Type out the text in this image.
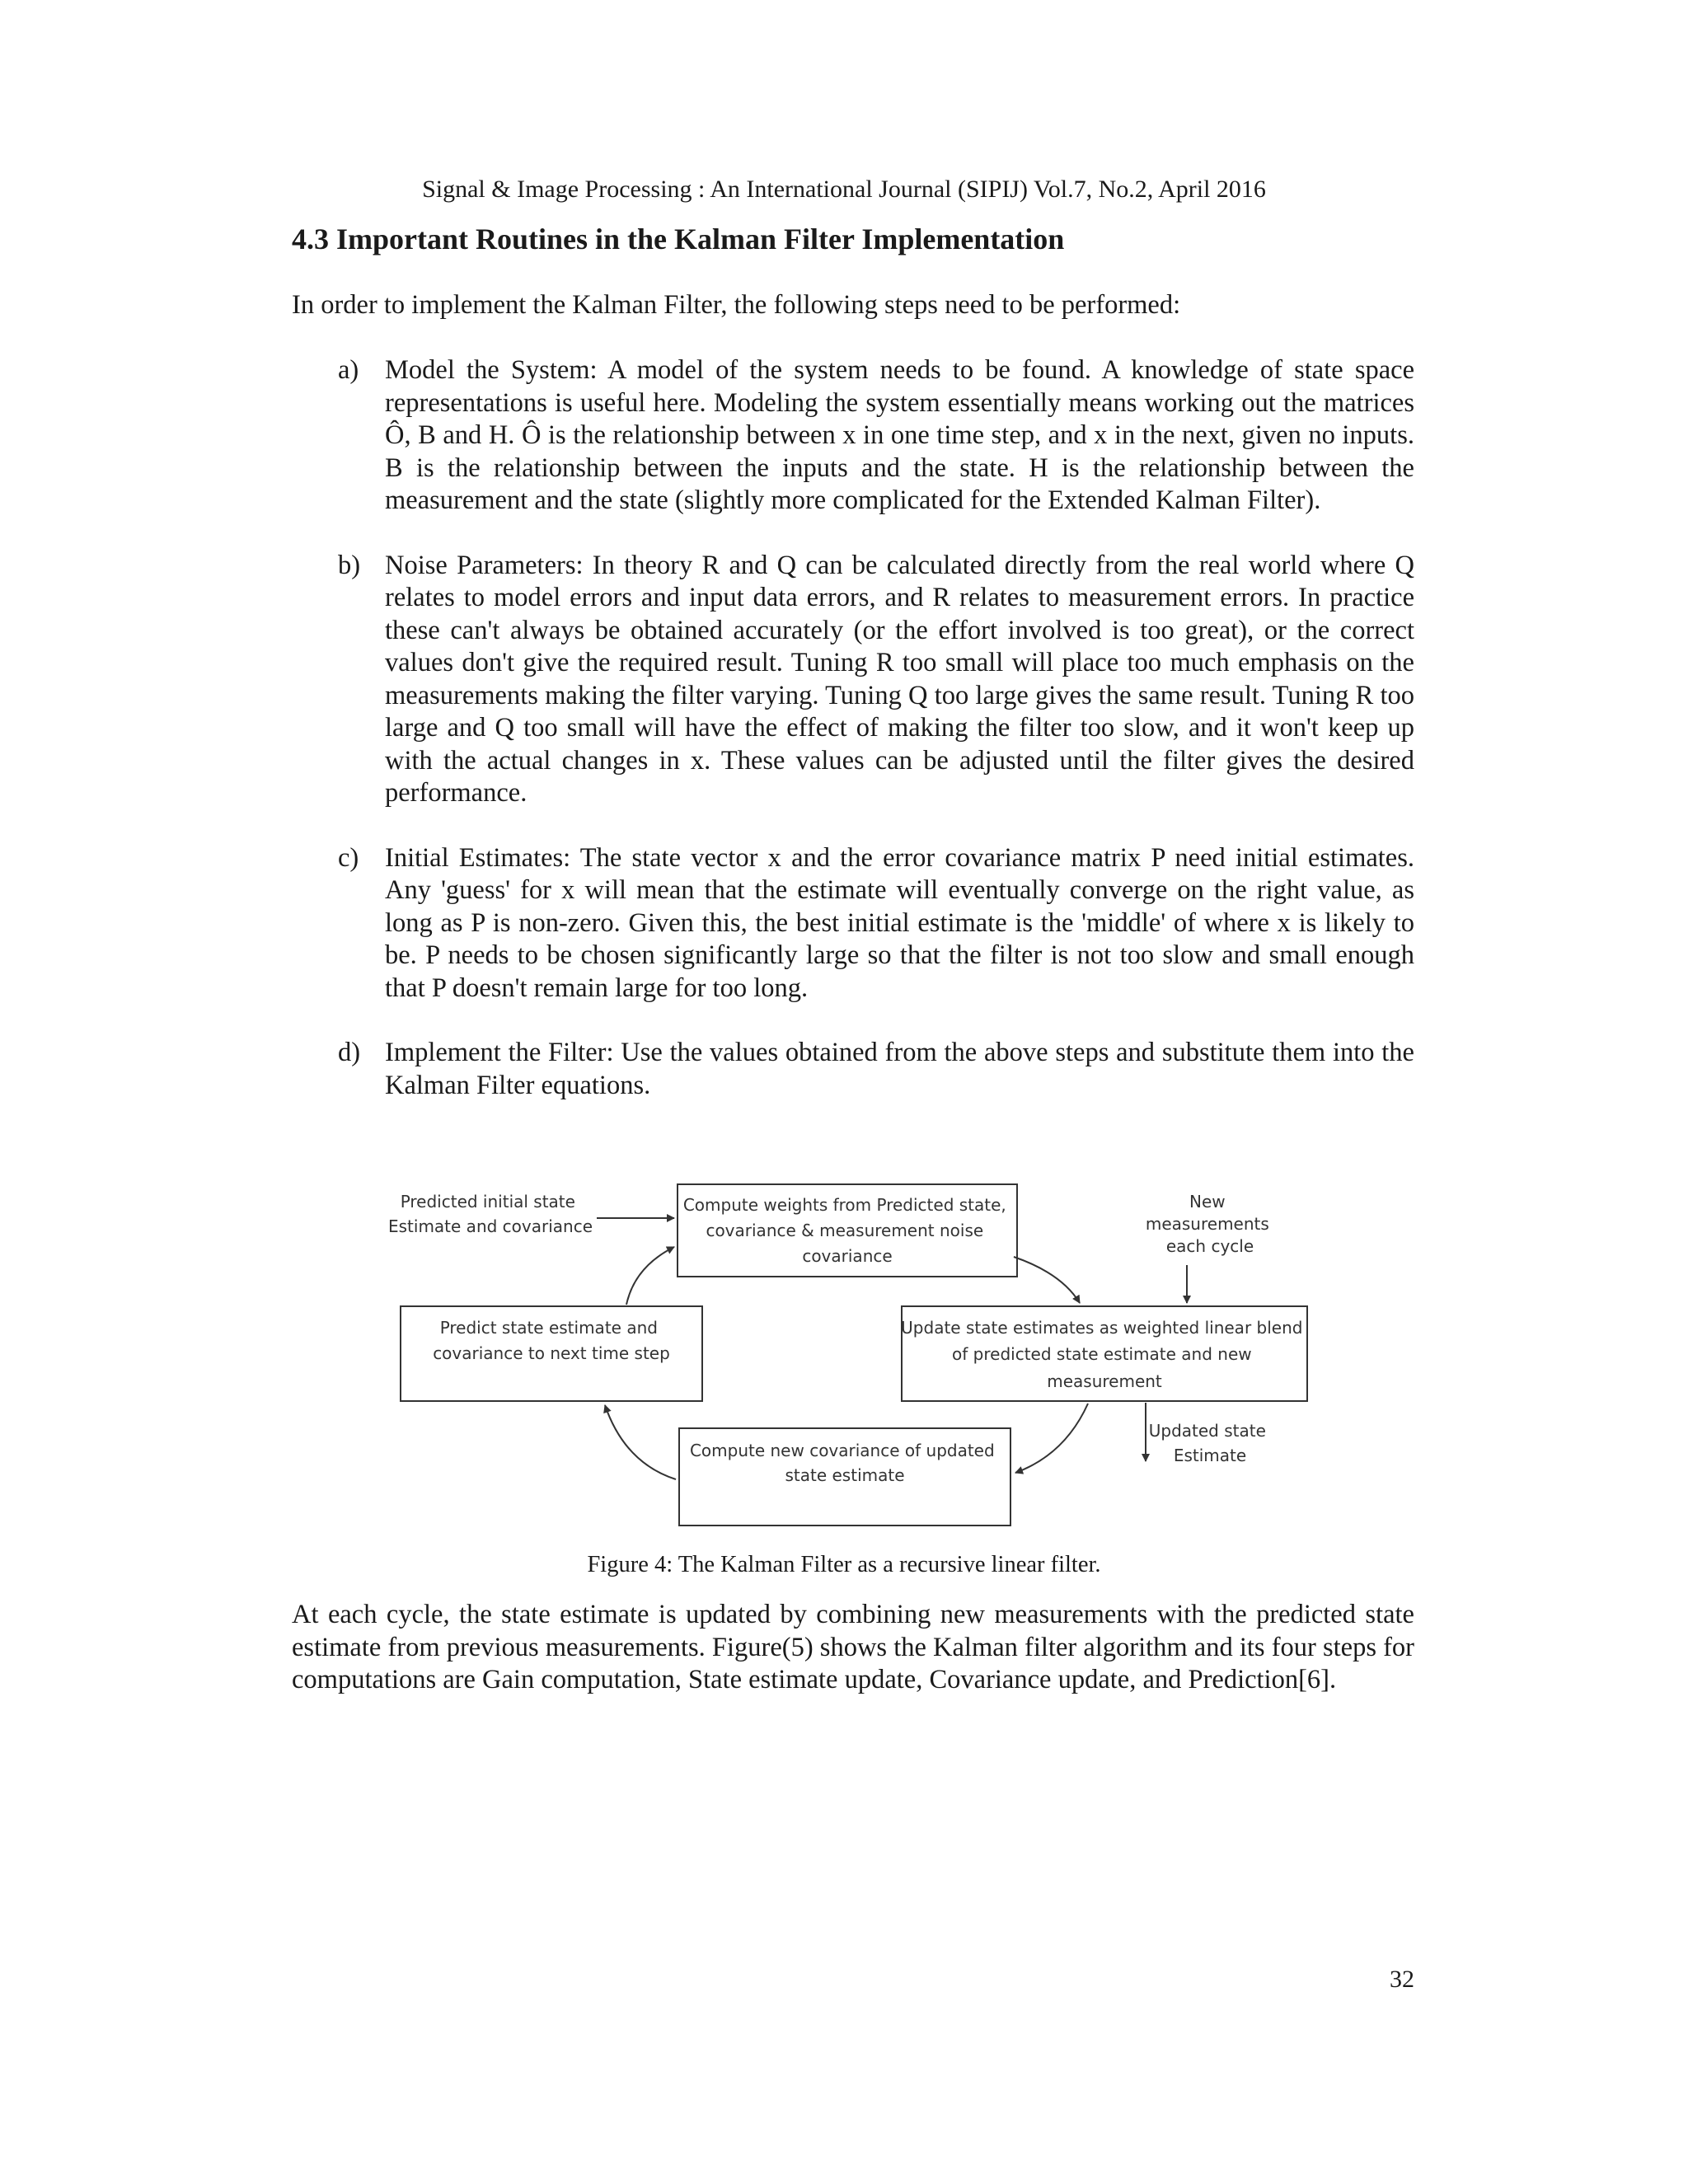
Signal & Image Processing : An International Journal (SIPIJ) Vol.7, No.2, April 2016
4.3 Important Routines in the Kalman Filter Implementation

In order to implement the Kalman Filter, the following steps need to be performed:

a) Model the System: A model of the system needs to be found. A knowledge of state space representations is useful here. Modeling the system essentially means working out the matrices Ô, B and H. Ô is the relationship between x in one time step, and x in the next, given no inputs. B is the relationship between the inputs and the state. H is the relationship between the measurement and the state (slightly more complicated for the Extended Kalman Filter).
b) Noise Parameters: In theory R and Q can be calculated directly from the real world where Q relates to model errors and input data errors, and R relates to measurement errors. In practice these can't always be obtained accurately (or the effort involved is too great), or the correct values don't give the required result. Tuning R too small will place too much emphasis on the measurements making the filter varying. Tuning Q too large gives the same result. Tuning R too large and Q too small will have the effect of making the filter too slow, and it won't keep up with the actual changes in x. These values can be adjusted until the filter gives the desired performance.
c) Initial Estimates: The state vector x and the error covariance matrix P need initial estimates. Any 'guess' for x will mean that the estimate will eventually converge on the right value, as long as P is non-zero. Given this, the best initial estimate is the 'middle' of where x is likely to be. P needs to be chosen significantly large so that the filter is not too slow and small enough that P doesn't remain large for too long.
d) Implement the Filter: Use the values obtained from the above steps and substitute them into the Kalman Filter equations.
Compute weights from Predicted state, covariance & measurement noise covariance
Update state estimates as weighted linear blend of predicted state estimate and new measurement
Compute new covariance of updated state estimate
Predict state estimate and covariance to next time step
Predicted initial state Estimate and covariance
New measurements each cycle
Updated state Estimate

Figure 4: The Kalman Filter as a recursive linear filter.

At each cycle, the state estimate is updated by combining new measurements with the predicted state estimate from previous measurements. Figure(5) shows the Kalman filter algorithm and its four steps for computations are Gain computation, State estimate update, Covariance update, and Prediction[6].

32
